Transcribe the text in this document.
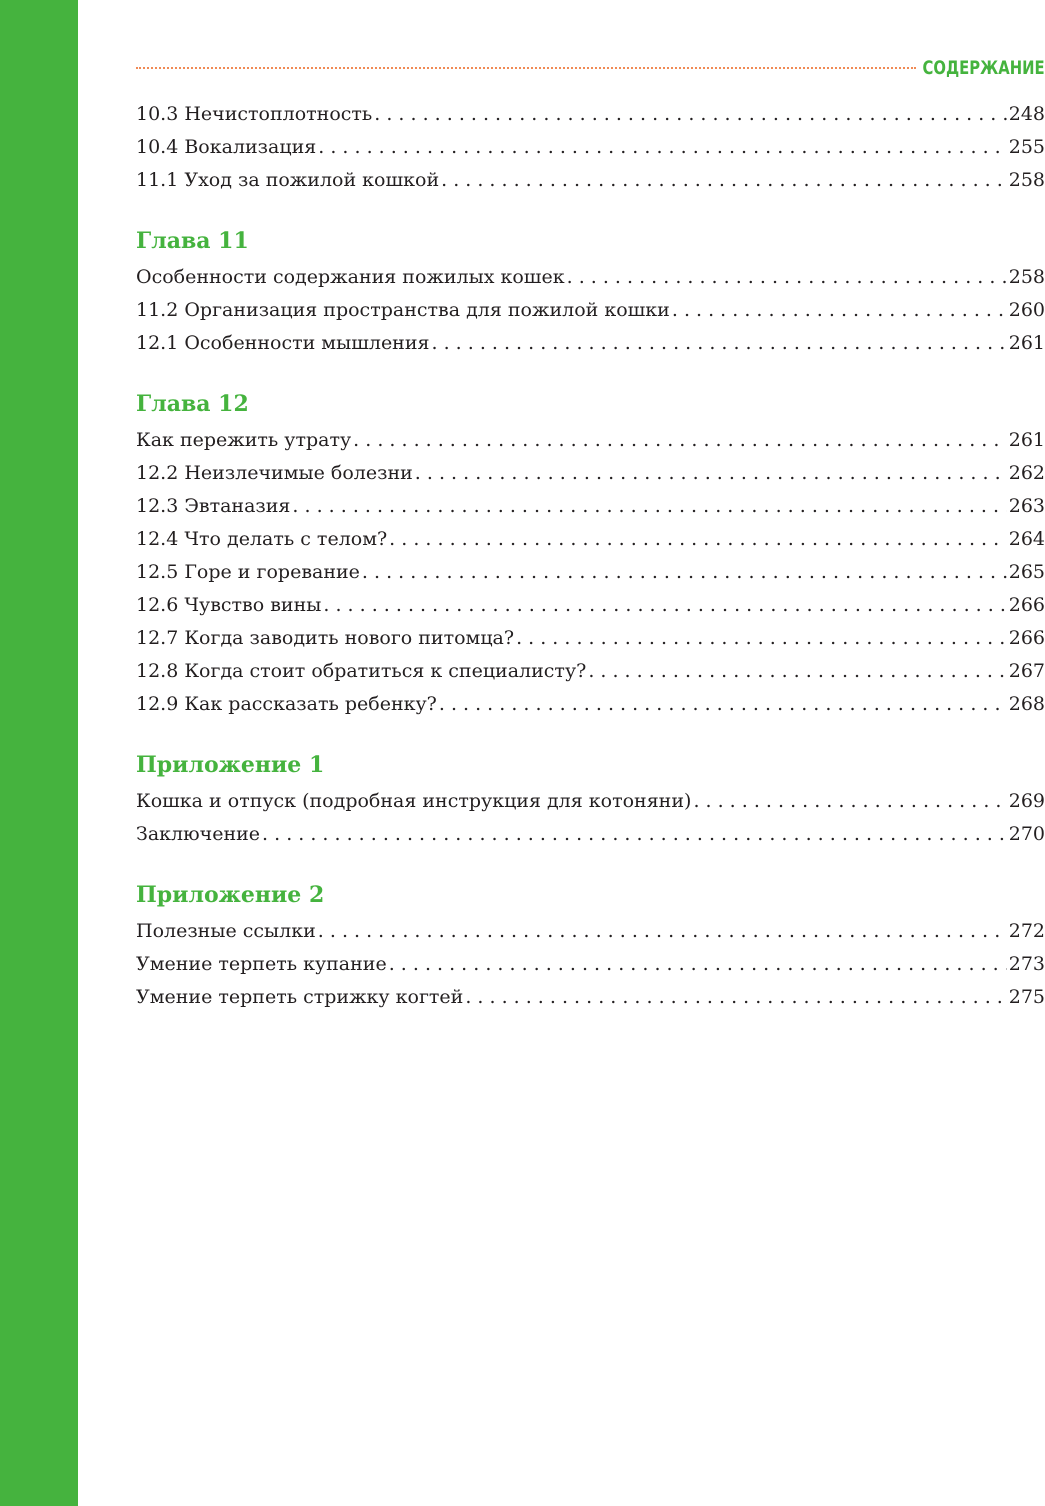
СОДЕРЖАНИЕ
10.3 Нечистоплотность . . .	248
10.4 Вокализация . . .	255
11.1 Уход за пожилой кошкой . . .	258
Глава 11
Особенности содержания пожилых кошек . . .	258
11.2 Организация пространства для пожилой кошки . . .	260
12.1 Особенности мышления . . .	261
Глава 12
Как пережить утрату . . .	261
12.2 Неизлечимые болезни . . .	262
12.3 Эвтаназия . . .	263
12.4 Что делать с телом? . . .	264
12.5 Горе и горевание . . .	265
12.6 Чувство вины . . .	266
12.7 Когда заводить нового питомца? . . .	266
12.8 Когда стоит обратиться к специалисту? . . .	267
12.9 Как рассказать ребенку? . . .	268
Приложение 1
Кошка и отпуск (подробная инструкция для котоняни) . . .	269
Заключение . . .	270
Приложение 2
Полезные ссылки . . .	272
Умение терпеть купание . . .	273
Умение терпеть стрижку когтей . . .	275
